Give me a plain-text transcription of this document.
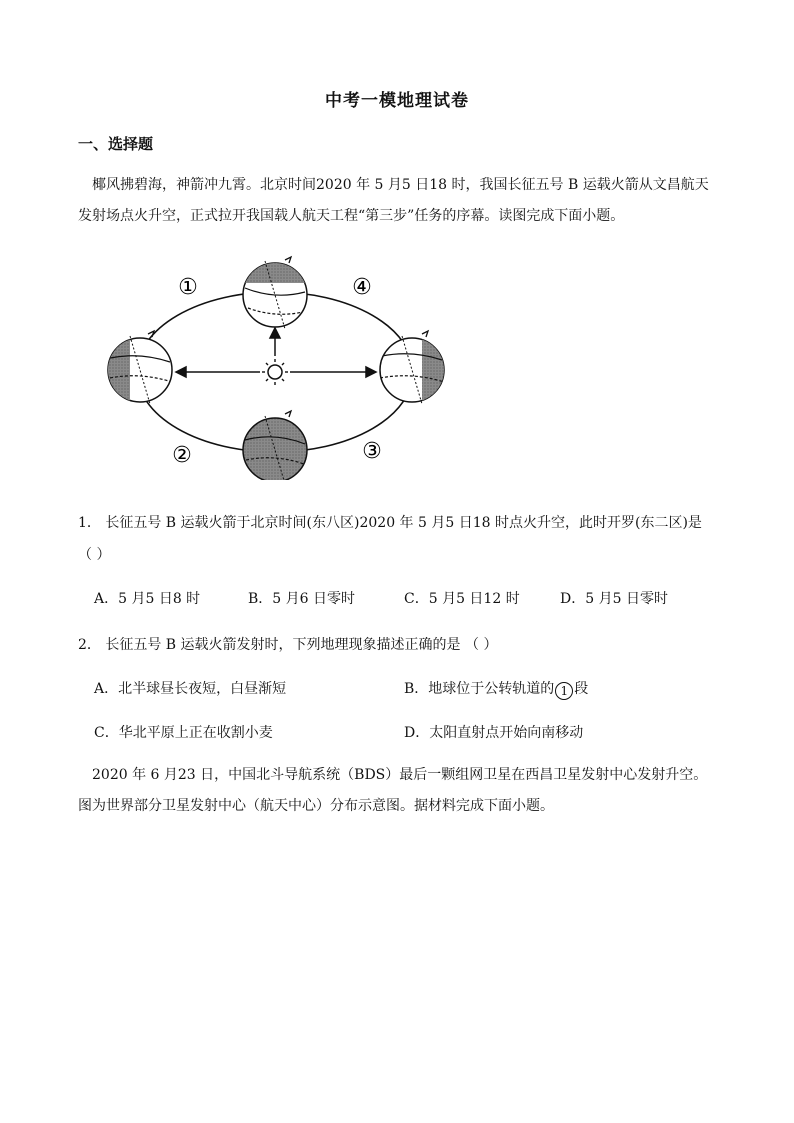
中考一模地理试卷
一、选择题
椰风拂碧海，神箭冲九霄。北京时间2020 年 5 月5 日18 时，我国长征五号 B 运载火箭从文昌航天
发射场点火升空，正式拉开我国载人航天工程“第三步”任务的序幕。读图完成下面小题。
①	④
②	③
1． 长征五号 B 运载火箭于北京时间(东八区)2020 年 5 月5 日18 时点火升空，此时开罗(东二区)是
（ ）
A．5 月5 日8 时	B．5 月6 日零时	C．5 月5 日12 时	D．5 月5 日零时
2． 长征五号 B 运载火箭发射时，下列地理现象描述正确的是 （ ）
A．北半球昼长夜短，白昼渐短	B．地球位于公转轨道的 1 段
C．华北平原上正在收割小麦	D．太阳直射点开始向南移动
2020 年 6 月23 日，中国北斗导航系统（BDS）最后一颗组网卫星在西昌卫星发射中心发射升空。
图为世界部分卫星发射中心（航天中心）分布示意图。据材料完成下面小题。
